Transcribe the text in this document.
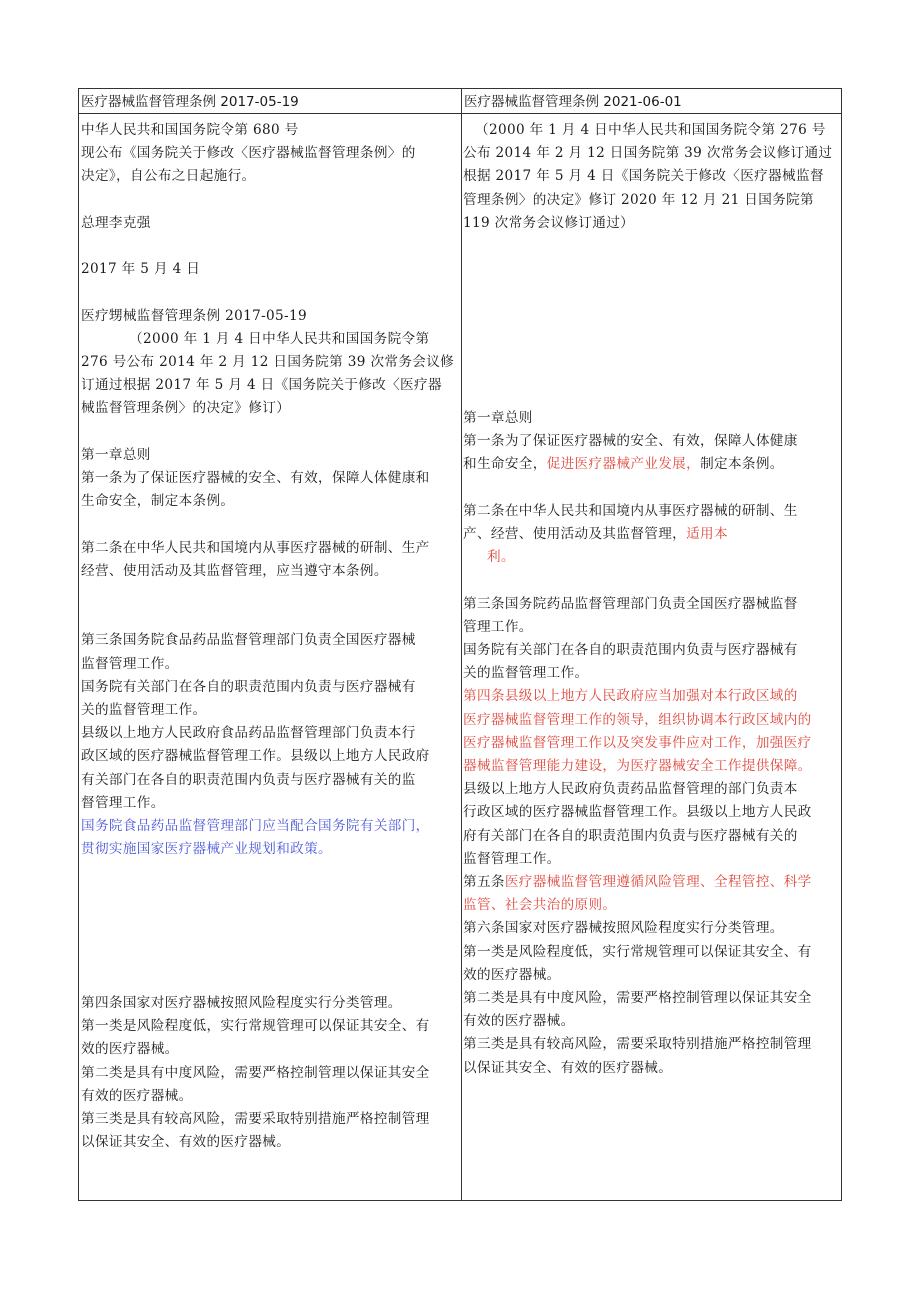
医疗器械监督管理条例 2017-05-19	医疗器械监督管理条例 2021-06-01
中华人民共和国国务院令第 680 号
现公布《国务院关于修改〈医疗器械监督管理条例〉的
决定》，自公布之日起施行。
总理李克强
2017 年 5 月 4 日
医疗甥械监督管理条例 2017-05-19
（2000 年 1 月 4 日中华人民共和国国务院令第
276 号公布 2014 年 2 月 12 日国务院第 39 次常务会议修
订通过根据 2017 年 5 月 4 日《国务院关于修改〈医疗器
械监督管理条例〉的决定》修订）
第一章总则
第一条为了保证医疗器械的安全、有效，保障人体健康和
生命安全，制定本条例。
第二条在中华人民共和国境内从事医疗器械的研制、生产
经营、使用活动及其监督管理，应当遵守本条例。
第三条国务院食品药品监督管理部门负责全国医疗器械
监督管理工作。
国务院有关部门在各自的职责范围内负责与医疗器械有
关的监督管理工作。
县级以上地方人民政府食品药品监督管理部门负责本行
政区域的医疗器械监督管理工作。县级以上地方人民政府
有关部门在各自的职责范围内负责与医疗器械有关的监
督管理工作。
国务院食品药品监督管理部门应当配合国务院有关部门，
贯彻实施国家医疗器械产业规划和政策。
第四条国家对医疗器械按照风险程度实行分类管理。
第一类是风险程度低，实行常规管理可以保证其安全、有
效的医疗器械。
第二类是具有中度风险，需要严格控制管理以保证其安全
有效的医疗器械。
第三类是具有较高风险，需要采取特别措施严格控制管理
以保证其安全、有效的医疗器械。
（2000 年 1 月 4 日中华人民共和国国务院令第 276 号
公布 2014 年 2 月 12 日国务院第 39 次常务会议修订通过
根据 2017 年 5 月 4 日《国务院关于修改〈医疗器械监督
管理条例〉的决定》修订 2020 年 12 月 21 日国务院第
119 次常务会议修订通过）
第一章总则
第一条为了保证医疗器械的安全、有效，保障人体健康
和生命安全，促进医疗器械产业发展，制定本条例。
第二条在中华人民共和国境内从事医疗器械的研制、生
产、经营、使用活动及其监督管理，适用本
利。
第三条国务院药品监督管理部门负责全国医疗器械监督
管理工作。
国务院有关部门在各自的职责范围内负责与医疗器械有
关的监督管理工作。
第四条县级以上地方人民政府应当加强对本行政区域的
医疗器械监督管理工作的领导，组织协调本行政区域内的
医疗器械监督管理工作以及突发事件应对工作，加强医疗
器械监督管理能力建设，为医疗器械安全工作提供保障。
县级以上地方人民政府负责药品监督管理的部门负责本
行政区域的医疗器械监督管理工作。县级以上地方人民政
府有关部门在各自的职责范围内负责与医疗器械有关的
监督管理工作。
第五条医疗器械监督管理遵循风险管理、全程管控、科学
监管、社会共治的原则。
第六条国家对医疗器械按照风险程度实行分类管理。
第一类是风险程度低，实行常规管理可以保证其安全、有
效的医疗器械。
第二类是具有中度风险，需要严格控制管理以保证其安全
有效的医疗器械。
第三类是具有较高风险，需要采取特别措施严格控制管理
以保证其安全、有效的医疗器械。
